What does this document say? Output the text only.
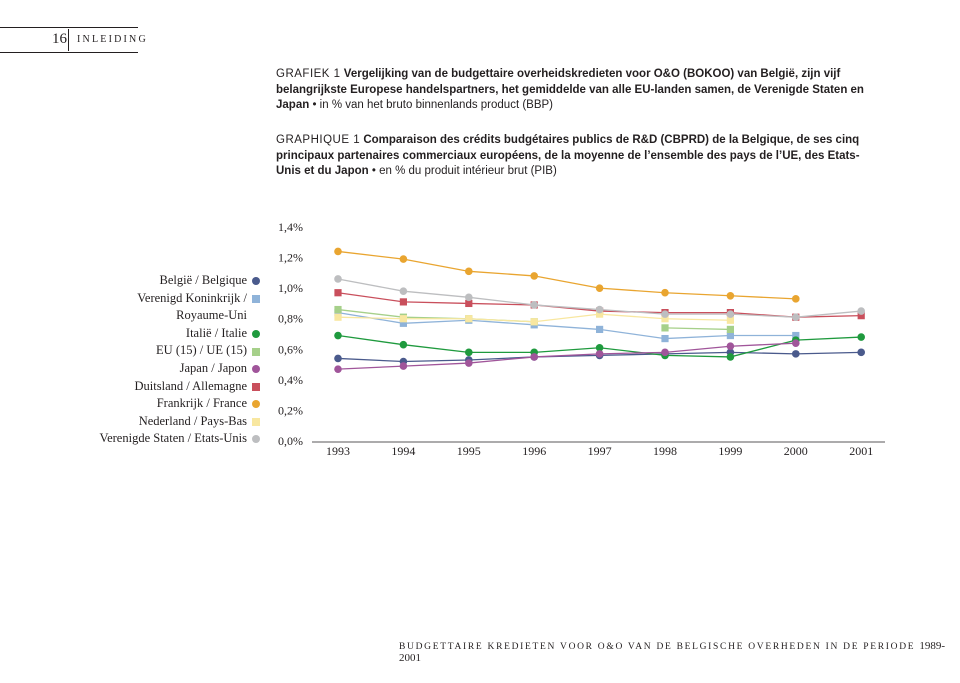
16 INLEIDING
GRAFIEK 1 Vergelijking van de budgettaire overheidskredieten voor O&O (BOKOO) van België, zijn vijf belangrijkste Europese handelspartners, het gemiddelde van alle EU-landen samen, de Verenigde Staten en Japan • in % van het bruto binnenlands product (BBP)
GRAPHIQUE 1 Comparaison des crédits budgétaires publics de R&D (CBPRD) de la Belgique, de ses cinq principaux partenaires commerciaux européens, de la moyenne de l’ensemble des pays de l’UE, des Etats-Unis et du Japon • en % du produit intérieur brut (PIB)
België / Belgique
Verenigd Koninkrijk /
Royaume-Uni
Italië / Italie
EU (15) / UE (15)
Japan / Japon
Duitsland / Allemagne
Frankrijk / France
Nederland / Pays-Bas
Verenigde Staten / Etats-Unis	0,0%
0,2%
0,4%
0,6%
0,8%
1,0%
1,2%
1,4%
1993	1994	1995	1996	1997	1998	1999	2000	2001
BUDGETTAIRE KREDIETEN VOOR O&O VAN DE BELGISCHE OVERHEDEN IN DE PERIODE 1989-2001
